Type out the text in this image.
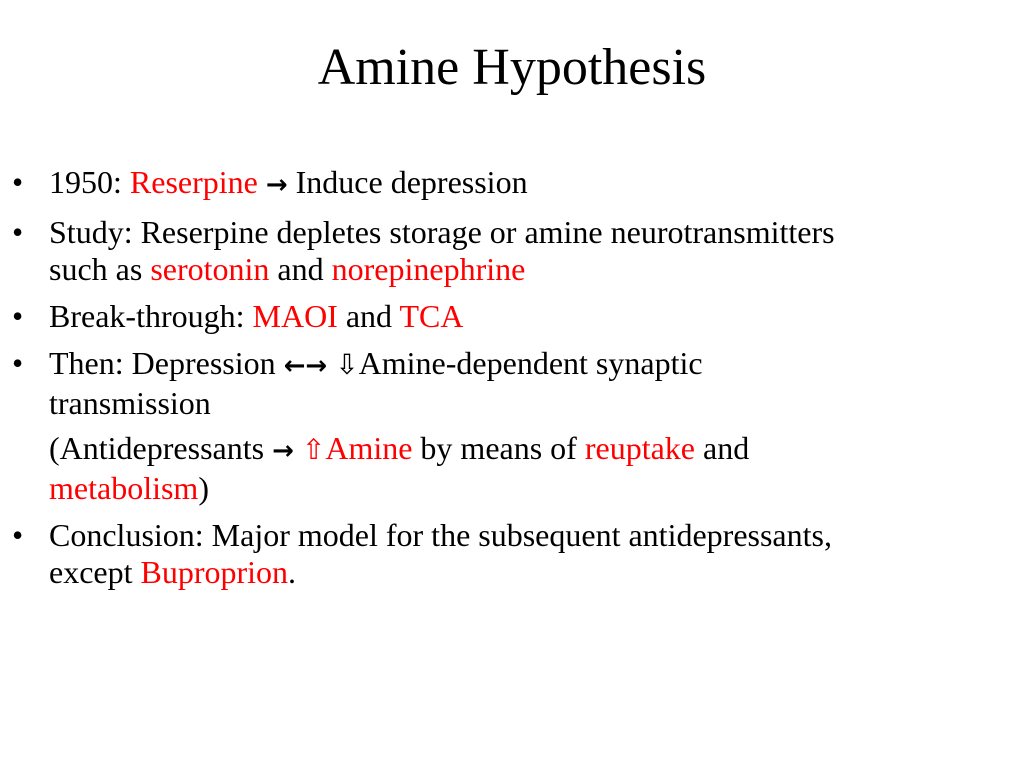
Amine Hypothesis
• 1950: Reserpine → Induce depression
• Study: Reserpine depletes storage or amine neurotransmitters
such as serotonin and norepinephrine
• Break-through: MAOI and TCA
• Then: Depression ←→ ⇩Amine-dependent synaptic
transmission
(Antidepressants → ⇧Amine by means of reuptake and
metabolism)
• Conclusion: Major model for the subsequent antidepressants,
except Buproprion.
